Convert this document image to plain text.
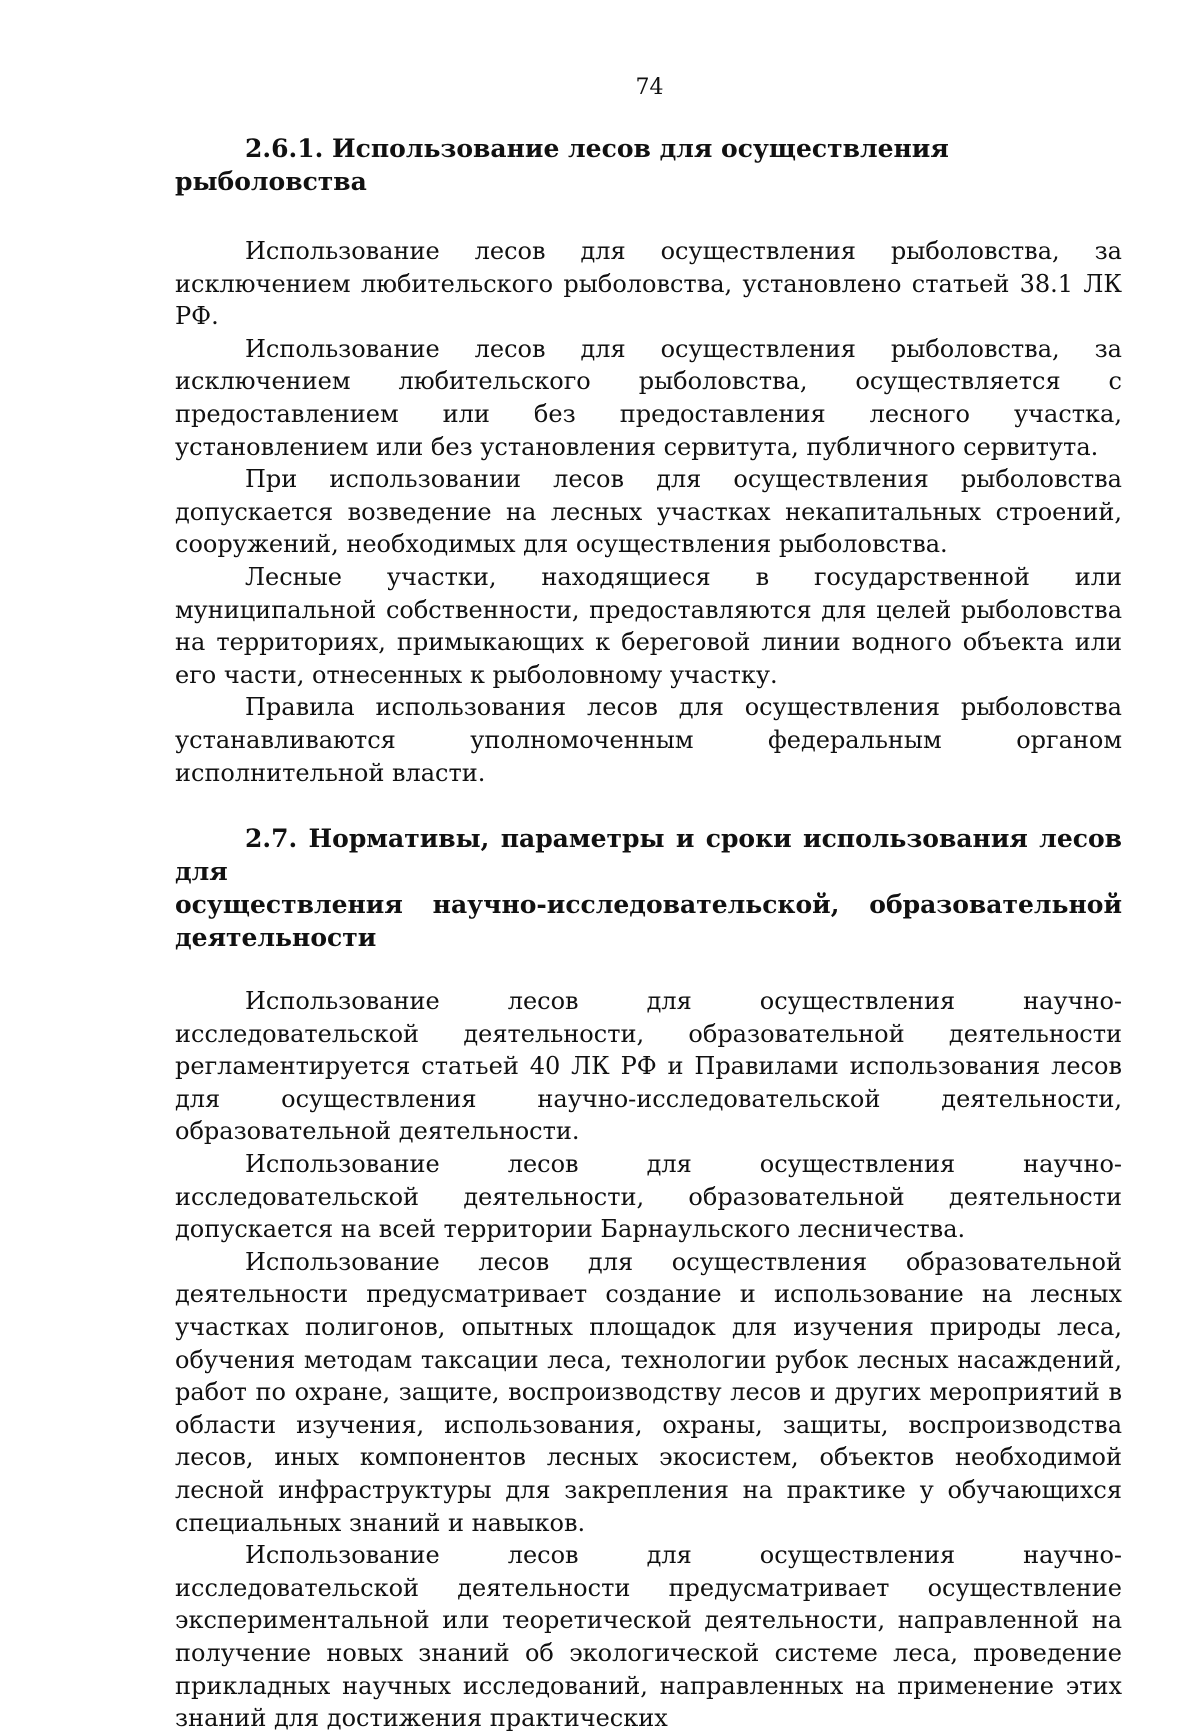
74
2.6.1. Использование лесов для осуществления рыболовства

Использование лесов для осуществления рыболовства, за исключением любительского рыболовства, установлено статьей 38.1 ЛК РФ.

Использование лесов для осуществления рыболовства, за исключением любительского рыболовства, осуществляется с предоставлением или без предоставления лесного участка, установлением или без установления сервитута, публичного сервитута.

При использовании лесов для осуществления рыболовства допускается возведение на лесных участках некапитальных строений, сооружений, необходимых для осуществления рыболовства.

Лесные участки, находящиеся в государственной или муниципальной собственности, предоставляются для целей рыболовства на территориях, примыкающих к береговой линии водного объекта или его части, отнесенных к рыболовному участку.

Правила использования лесов для осуществления рыболовства устанавливаются уполномоченным федеральным органом исполнительной власти.

2.7. Нормативы, параметры и сроки использования лесов для
осуществления научно-исследовательской, образовательной
деятельности

Использование лесов для осуществления научно-исследовательской деятельности, образовательной деятельности регламентируется статьей 40 ЛК РФ и Правилами использования лесов для осуществления научно-исследовательской деятельности, образовательной деятельности.

Использование лесов для осуществления научно-исследовательской деятельности, образовательной деятельности допускается на всей территории Барнаульского лесничества.

Использование лесов для осуществления образовательной деятельности предусматривает создание и использование на лесных участках полигонов, опытных площадок для изучения природы леса, обучения методам таксации леса, технологии рубок лесных насаждений, работ по охране, защите, воспроизводству лесов и других мероприятий в области изучения, использования, охраны, защиты, воспроизводства лесов, иных компонентов лесных экосистем, объектов необходимой лесной инфраструктуры для закрепления на практике у обучающихся специальных знаний и навыков.

Использование лесов для осуществления научно-исследовательской деятельности предусматривает осуществление экспериментальной или теоретической деятельности, направленной на получение новых знаний об экологической системе леса, проведение прикладных научных исследований, направленных на применение этих знаний для достижения практических
